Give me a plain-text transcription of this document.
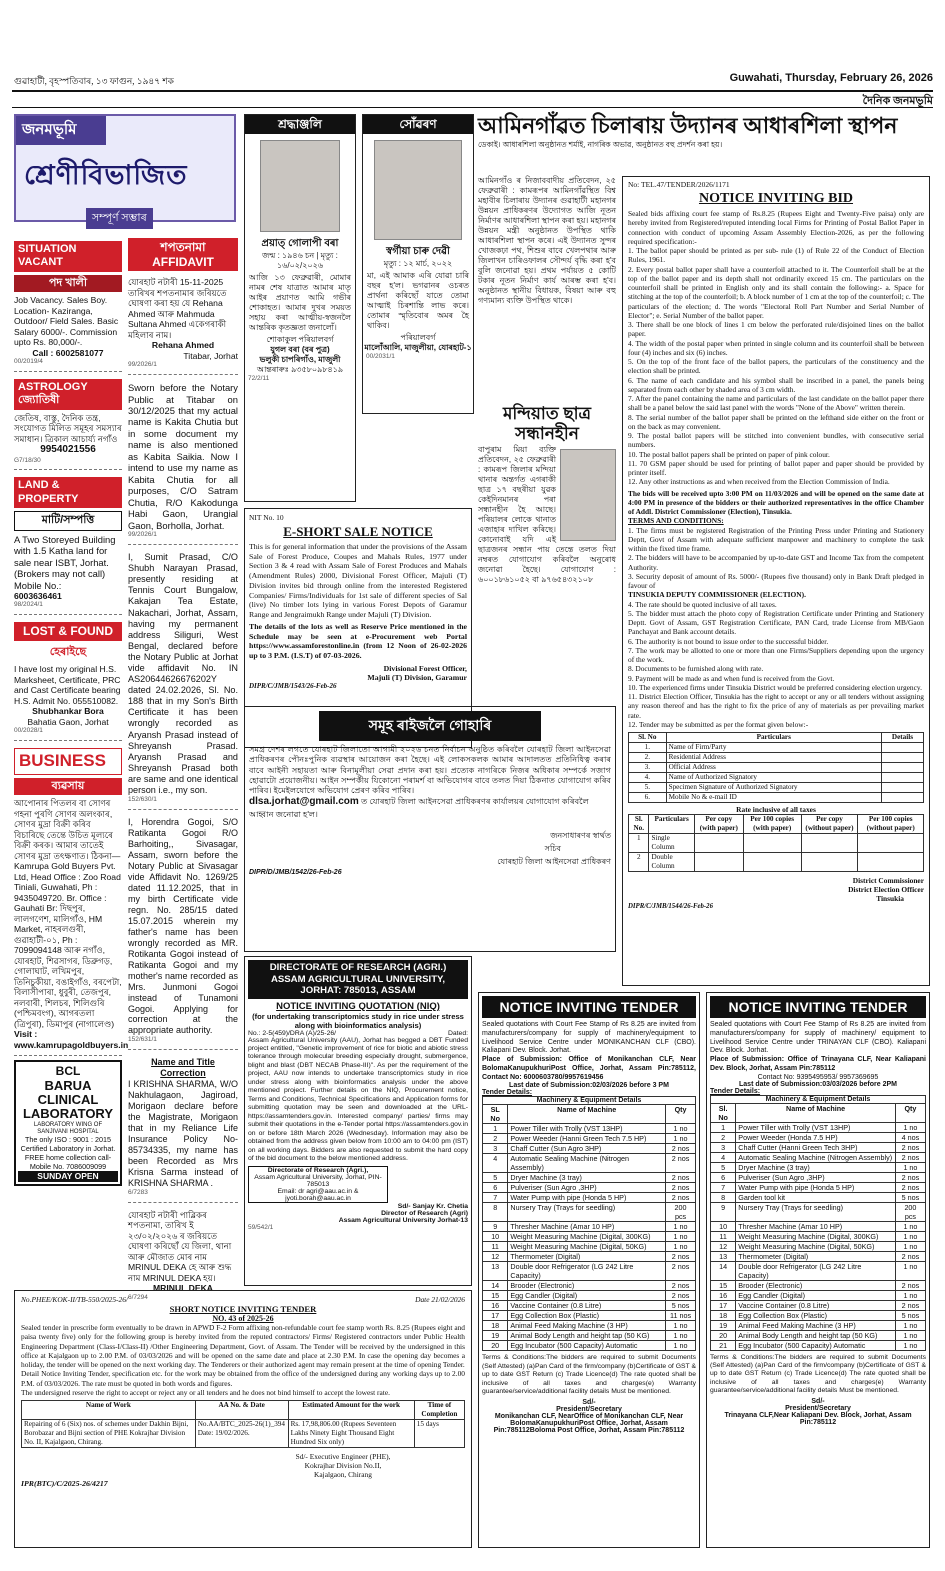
গুৱাহাটী, বৃহস্পতিবাৰ, ১৩ ফাগুন, ১৯৪৭ শক	Guwahati, Thursday, February 26, 2026
দৈনিক জনমভূমি
জনমভূমি
শ্ৰেণীবিভাজিত
সম্পূৰ্ণ সম্ভাৰ
SITUATION VACANT
পদ খালী
Job Vacancy. Sales Boy. Location- Kaziranga, Outdoor/ Field Sales. Basic Salary 6000/-. Commission upto Rs. 80,000/-.
Call : 6002581077
00/2019/4
ASTROLOGY জ্যোতিষী
জেতিষ, বাস্তু, দৈনিক তন্ত্ৰ, সংযোগত মিলিত সমূহৰ সমস্যাৰ সমাধান। ত্ৰিকাল আচাৰ্য্য নগাঁও
9954021556
G7/18/30
LAND & PROPERTY
মাটি/সম্পত্তি
A Two Storeyed Building with 1.5 Katha land for sale near ISBT, Jorhat. (Brokers may not call) Mobile No.:
6003636461
98/2024/1
LOST & FOUND
হেৰাইছে
I have lost my original H.S. Marksheet, Certificate, PRC and Cast Certificate bearing H.S. Admit No. 055510082.
Shubhankar Bora
Bahatia Gaon, Jorhat
00/2028/1
BUSINESS
ব্যৱসায়
আপোনাৰ পিতলৰ বা সোণৰ গহনা পুৰণি সোণৰ অলংকাৰ, সোণৰ মুদ্ৰা বিক্ৰী কৰিব বিচাৰিছে তেন্তে উচিত মূল্যৰে বিক্ৰী কৰক। আমাৰ তাতেই সোণৰ মুদ্ৰা তৎক্ষণাত। ঠিকনা— Kamrupa Gold Buyers Pvt. Ltd, Head Office : Zoo Road Tiniali, Guwahati, Ph : 9435049720. Br. Office : Gauhati Br: দিছপুৰ, লালগণেশ, মালিগাঁও, HM Market, নাহৰলগুৰী, গুৱাহাটী-০১, Ph : 7099094148 আৰু নগাঁও, যোৰহাট, শিৱসাগৰ, ডিব্ৰুগড়, গোলাঘাট, লখিমপুৰ, তিনিচুকীয়া, বঙাইগাঁও, বৰপেটা, বিলাসীপাৰা, ধুবুৰী, তেজপুৰ, নলবাৰী, শিলচৰ, শিলিগুৰি (পশ্চিমবংগ), আগৰতলা (ত্ৰিপুৰা), ডিমাপুৰ (নাগালেণ্ড)
Visit : www.kamrupagoldbuyers.in
BCL
BARUA CLINICAL LABORATORY
LABORATORY WING OF SANJIVANI HOSPITAL
The only ISO : 9001 : 2015 Certified Laboratory in Jorhat. FREE home collection call- Mobile No. 7086009099
SUNDAY OPEN
শপতনামা AFFIDAVIT
যোৰহাট নটাৰী 15-11-2025 তাৰিখৰ শপতনামাৰ জৰিয়তে ঘোষণা কৰা হয় যে Rehana Ahmed আৰু Mahmuda Sultana Ahmed একেগৰাকী মহিলাৰ নাম।
Rehana Ahmed
Titabar, Jorhat
99/2026/1
Sworn before the Notary Public at Titabar on 30/12/2025 that my actual name is Kakita Chutia but in some document my name is also mentioned as Kabita Saikia. Now I intend to use my name as Kabita Chutia for all purposes, C/O Satram Chutia, R/O Kakodunga Habi Gaon, Urangial Gaon, Borholla, Jorhat.
99/2026/1
I, Sumit Prasad, C/O Shubh Narayan Prasad, presently residing at Tennis Court Bungalow, Kakajan Tea Estate, Nakachari, Jorhat, Assam, having my permanent address Siliguri, West Bengal, declared before the Notary Public at Jorhat vide affidavit No. IN AS20644626676202Y dated 24.02.2026, Sl. No. 188 that in my Son's Birth Certificate it has been wrongly recorded as Aryansh Prasad instead of Shreyansh Prasad. Aryansh Prasad and Shreyansh Prasad both are same and one identical person i.e., my son.
152/630/1
I, Horendra Gogoi, S/O Ratikanta Gogoi R/O Barhoiting,, Sivasagar, Assam, sworn before the Notary Public at Sivasagar vide Affidavit No. 1269/25 dated 11.12.2025, that in my birth Certificate vide regn. No. 285/15 dated 15.07.2015 wherein my father's name has been wrongly recorded as MR. Rotikanta Gogoi instead of Ratikanta Gogoi and my mother's name recorded as Mrs. Junmoni Gogoi instead of Tunamoni Gogoi. Applying for correction at the appropriate authority.
152/631/1
Name and Title Correction
I KRISHNA SHARMA, W/O Nakhulagaon, Jagiroad, Morigaon declare before the Magistrate, Morigaon that in my Reliance Life Insurance Policy No- 85734335, my name has been Recorded as Mrs Krisna Sarma instead of KRISHNA SHARMA .
6/7283
যোৰহাট নটাৰী পাব্লিকৰ শপতনামা, তাৰিখ ই ২৩/০২/২০২৬ ৰ জৰিয়তে ঘোষণা কৰিছোঁ যে জিলা, থানা আৰু মৌজাত মোৰ নাম MRINUL DEKA হে আৰু শুদ্ধ নাম MRINUL DEKA হয়।
MRINUL DEKA
6/7294
শ্ৰদ্ধাঞ্জলি
প্ৰয়াত্ গোলাপী বৰা
জন্ম : ১৯৪৬ চন | মৃত্যু : ১৬/০২/২০২৬
আজি ১৩ ফেব্ৰুৱাৰী, মোমাৰ নামৰ শেষ যাত্ৰাত আমাৰ মাতৃ আইৰ প্ৰয়াণত আমি গভীৰ শোকাহত। আমাৰ দুখৰ সময়ত সহায় কৰা আত্মীয়-স্বজনলৈ আন্তৰিক কৃতজ্ঞতা জনালোঁ।
শোকাকুল পৰিয়ালবৰ্গ
যুগল বৰা (বৰ পুত্ৰ)
ভলুকী চাপৰিগাঁও, মাজুলী
আন্তৰাৰুঃ ৯৩৫৮০৯৮৪১৯
72/2/11
সোঁৱৰণ
স্বৰ্গীয়া চাৰু দেৱী
মৃত্যু : ১২ মাৰ্চ, ২০২২
মা, এই আমাক এৰি যোৱা চাৰি বছৰ হ'ল। ভগৱানৰ ওচৰত প্ৰাৰ্থনা কৰিছোঁ যাতে তোমা আত্মাই চিৰশান্তি লাভ কৰে। তোমাৰ স্মৃতিবোৰ অমৰ হৈ থাকিব।
পৰিয়ালবৰ্গ
মালোঁআলি, মাজুলীয়া, যোৰহাট-১
00/2031/1
আমিনগাঁৱত চিলাৰায় উদ্যানৰ আধাৰশিলা স্থাপন
ডেকাই। আধাৰশিলা অনুষ্ঠানত শৰ্মাই, নাগৰিক অভাৱ, অনুষ্ঠানত বহু প্ৰদৰ্শন কৰা হয়।
আমিনগাঁও ৰ নিজাববাদীয় প্ৰতিবেদন, ২৫ ফেব্ৰুৱাৰী : কামৰূপৰ আমিনগাঁৱস্থিত বিশ্ব মহাবীৰ চিলাৰায় উদ্যানৰ গুৱাহাটী মহানগৰ উন্নয়ন প্ৰাধিকৰণৰ উদ্যোগত আজি নূতন নিৰ্মাণৰ আধাৰশিলা স্থাপন কৰা হয়। মহানগৰ উন্নয়ন মন্ত্ৰী অনুষ্ঠানত উপস্থিত থাকি আধাৰশিলা স্থাপন কৰে। এই উদ্যানত সুন্দৰ খোজকঢ়া পথ, শিশুৰ বাবে খেলপথাৰ আৰু জিলাখন চাৰিওফালৰ সৌন্দৰ্য বৃদ্ধি কৰা হ'ব বুলি জনোৱা হয়। প্ৰথম পৰ্যায়ত ৫ কোটি টকাৰ নূতন নিৰ্মাণ কাৰ্য আৰম্ভ কৰা হ'ব। অনুষ্ঠানত স্থানীয় বিধায়ক, বিষয়া আৰু বহু গণ্যমান্য ব্যক্তি উপস্থিত থাকে।
মন্দিয়াত ছাত্ৰ সন্ধানহীন
বাপুৰাম মিয়া ব্যক্তি প্ৰতিবেদন, ২৫ ফেব্ৰুৱাৰী : কামৰূপ জিলাৰ মন্দিয়া থানাৰ অন্তৰ্গত এগৰাকী ছাত্ৰ ১৭ বছৰীয়া যুৱক কেইদিনমানৰ পৰা সন্ধানহীন হৈ আছে। পৰিয়ালৰ লোকে থানাত এজাহাৰ দাখিল কৰিছে। কোনোবাই যদি এই ছাত্ৰজনৰ সন্ধান পায় তেন্তে তলত দিয়া নম্বৰত যোগাযোগ কৰিবলৈ অনুৰোধ জনোৱা হৈছে। যোগাযোগ : ৬০০১৮৬১০৫২ বা ৯৭৬৫৪৩২১০৮
NIT No. 10
E-SHORT SALE NOTICE
This is for general information that under the provisions of the Assam Sale of Forest Produce, Coupes and Mahals Rules, 1977 under Section 3 & 4 read with Assam Sale of Forest Produces and Mahals (Amendment Rules) 2000, Divisional Forest Officer, Majuli (T) Division invites bid through online from the interested Registered Companies/ Firms/Individuals for 1st sale of different species of Sal (live) No timber lots lying in various Forest Depots of Garamur Range and Jengraimukh Range under Majuli (T) Division.
The details of the lots as well as Reserve Price mentioned in the Schedule may be seen at e-Procurement web Portal https://www.assamforestonline.in (from 12 Noon of 26-02-2026 up to 3 P.M. (I.S.T) of 07-03-2026.
Divisional Forest Officer,
Majuli (T) Division, Garamur
DIPR/C/JMB/1543/26-Feb-26
সমূহ ৰাইজলৈ গোহাৰি
সমগ্ৰ দেশৰ লগতে যোৰহাট জিলাতো আগামী ২০২৬ চনত নিৰ্বাচন অনুষ্ঠিত কৰিবলৈ যোৰহাট জিলা আইনসেৱা প্ৰাধিকৰণৰ পৌনঃপুনিক ব্যৱস্থাৰ আয়োজন কৰা হৈছে। এই লোকসকলক আমাৰ আদালতত প্ৰতিনিধিত্ব কৰাৰ বাবে আইনী সহায়তা আৰু বিনামূলীয়া সেৱা প্ৰদান কৰা হয়। প্ৰত্যেক নাগৰিকে নিজৰ অধিকাৰ সম্পৰ্কে সজাগ হোৱাটো প্ৰয়োজনীয়। আইন সম্পৰ্কীয় যিকোনো পৰামৰ্শ বা অভিযোগৰ বাবে তলত দিয়া ঠিকনাত যোগাযোগ কৰিব পাৰিব। ইমেইলযোগে অভিযোগ প্ৰেৰণ কৰিব পাৰিব।
dlsa.jorhat@gmail.com ত যোৰহাট জিলা আইনসেৱা প্ৰাধিকৰণৰ কাৰ্যালয়ৰ যোগাযোগ কৰিবলৈ আহ্বান জনোৱা হ'ল।
জনসাধাৰণৰ স্বাৰ্থত
সচিব
যোৰহাট জিলা আইনসেৱা প্ৰাধিকৰণ
DIPR/D/JMB/1542/26-Feb-26
No: TEL.47/TENDER/2026/1171
NOTICE INVITING BID
Sealed bids affixing court fee stamp of Rs.8.25 (Rupees Eight and Twenty-Five paisa) only are hereby invited from Registered/reputed intending local Firms for Printing of Postal Ballot Paper in connection with conduct of upcoming Assam Assembly Election-2026, as per the following required specification:-
1. The ballot paper should be printed as per sub- rule (1) of Rule 22 of the Conduct of Election Rules, 1961.
2. Every postal ballot paper shall have a counterfoil attached to it. The Counterfoil shall be at the top of the ballot paper and its depth shall not ordinarily exceed 15 cm. The particulars on the counterfoil shall be printed in English only and its shall contain the following:- a. Space for stitching at the top of the counterfoil; b. A block number of 1 cm at the top of the counterfoil; c. The particulars of the election; d. The words "Electoral Roll Part Number and Serial Number of Elector"; e. Serial Number of the ballot paper.
3. There shall be one block of lines 1 cm below the perforated rule/disjoined lines on the ballot paper.
4. The width of the postal paper when printed in single column and its counterfoil shall be between four (4) inches and six (6) inches.
5. On the top of the front face of the ballot papers, the particulars of the constituency and the election shall be printed.
6. The name of each candidate and his symbol shall be inscribed in a panel, the panels being separated from each other by shaded area of 3 cm width.
7. After the panel containing the name and particulars of the last candidate on the ballot paper there shall be a panel below the said last panel with the words "None of the Above" written therein.
8. The serial number of the ballot paper shall be printed on the lefthand side either on the front or on the back as may convenient.
9. The postal ballot papers will be stitched into convenient bundles, with consecutive serial numbers.
10. The postal ballot papers shall be printed on paper of pink colour.
11. 70 GSM paper should be used for printing of ballot paper and paper should be provided by printer itself.
12. Any other instructions as and when received from the Election Commission of India.
The bids will be received upto 3:00 PM on 11/03/2026 and will be opened on the same date at 4:00 PM in presence of the bidders or their authorized representatives in the office Chamber of Addl. District Commissioner (Election), Tinsukia.
TERMS AND CONDITIONS:
1. The firms must be registered Registration of the Printing Press under Printing and Stationery Deptt, Govt of Assam with adequate sufficient manpower and machinery to complete the task within the fixed time frame.
2. The bidders will have to be accompanied by up-to-date GST and Income Tax from the competent Authority.
3. Security deposit of amount of Rs. 5000/- (Rupees five thousand) only in Bank Draft pledged in favour of
TINSUKIA DEPUTY COMMISSIONER (ELECTION).
4. The rate should be quoted inclusive of all taxes.
5. The bidder must attach the photo copy of Registration Certificate under Printing and Stationery Deptt. Govt of Assam, GST Registration Certificate, PAN Card, trade License from MB/Gaon Panchayat and Bank account details.
6. The authority is not bound to issue order to the successful bidder.
7. The work may be allotted to one or more than one Firms/Suppliers depending upon the urgency of the work.
8. Documents to be furnished along with rate.
9. Payment will be made as and when fund is received from the Govt.
10. The experienced firms under Tinsukia District would be preferred considering election urgency.
11. District Election Officer, Tinsukia has the right to accept or any or all tenders without assigning any reason thereof and has the right to fix the price of any of materials as per prevailing market rate.
12. Tender may be submitted as per the format given below:-
Sl. No	Particulars	Details
1.	Name of Firm/Party	
2.	Residential Address	
3.	Official Address	
4.	Name of Authorized Signatory	
5.	Specimen Signature of Authorized Signatory	
6.	Mobile No & e-mail ID	
Rate inclusive of all taxes
Sl. No.	Particulars	Per copy (with paper)	Per 100 copies (with paper)	Per copy (without paper)	Per 100 copies (without paper)
1	Single Column				
2	Double Column				
District Commissioner
District Election Officer
Tinsukia
DIPR/C/JMB/1544/26-Feb-26
DIRECTORATE OF RESEARCH (AGRI.)
ASSAM AGRICULTURAL UNIVERSITY,
JORHAT: 785013, ASSAM
NOTICE INVITING QUOTATION (NIQ)
(for undertaking transcriptomics study in rice under stress along with bioinformatics analysis)
No.: 2-5(459)/DRA (A)/25-26/	Dated:
Assam Agricultural University (AAU), Jorhat has begged a DBT Funded project entitled, "Genetic improvement of rice for biotic and abiotic stress tolerance through molecular breeding especially drought, submergence, blight and blast (DBT NECAB Phase-III)". As per the requirement of the project, AAU now intends to undertake transcriptomics study in rice under stress along with bioinformatics analysis under the above mentioned project. Further details on the NIQ, Procurement notice, Terms and Conditions, Technical Specifications and Application forms for submitting quotation may be seen and downloaded at the URL- https://assamtenders.gov.in. Interested company/ parties/ firms may submit their quotations in the e-Tender portal https://assamtenders.gov.in on or before 18th March 2026 (Wednesday). Information may also be obtained from the address given below from 10:00 am to 04:00 pm (IST) on all working days. Bidders are also requested to submit the hard copy of the bid document to the below mentioned address.
Directorate of Research (Agri.),
Assam Agricultural University, Jorhat, PIN-785013
Email: dr agri@aau.ac.in & jyoti.borah@aau.ac.in
Sd/- Sanjay Kr. Chetia
Director of Research (Agri)
Assam Agricultural University Jorhat-13
59/542/1
No.PHEE/KOK-II/TB-550/2025-26/	Date 21/02/2026
SHORT NOTICE INVITING TENDER
NO. 43 of 2025-26
Sealed tender in prescribe form eventually to be drawn in APWD F-2 Form affixing non-refundable court fee stamp worth Rs. 8.25 (Rupees eight and paisa twenty five) only for the following group is hereby invited from the reputed contractors/ Firms/ Registered contractors under Public Health Engineering Department (Class-I/Class-II) /Other Engineering Department, Govt. of Assam. The Tender will be received by the undersigned in this office at Kajalgaon up to 2.00 P.M. of 03/03/2026 and will be opened on the same date and place at 2.30 P.M. In case the opening day becomes a holiday, the tender will be opened on the next working day. The Tenderers or their authorized agent may remain present at the time of opening Tender.
Detail Notice Inviting Tender, specification etc. for the work may be obtained from the office of the undersigned during any working days up to 2.00 P.M. of 03/03/2026. The rate must be quoted in both words and figures.
The undersigned reserve the right to accept or reject any or all tenders and he does not bind himself to accept the lowest rate.
Name of Work	AA No. & Date	Estimated Amount for the work	Time of Completion
Repairing of 6 (Six) nos. of schemes under Dakhin Bijni, Borobazar and Bijni section of PHE Kokrajhar Division No. II, Kajalgaon, Chirang.	No.AA/BTC_2025-26(1)_394 Date: 19/02/2026.	Rs. 17,98,806.00 (Rupees Seventeen Lakhs Ninety Eight Thousand Eight Hundred Six only)	15 days
Sd/- Executive Engineer (PHE),
Kokrajhar Division No.II,
Kajalgaon, Chirang
IPR(BTC)/C/2025-26/4217
NOTICE INVITING TENDER
Sealed quotations with Court Fee Stamp of Rs 8.25 are invited from manufacturers/company for supply of machinery/equipment to Livelihood Service Centre under MONIKANCHAN CLF (CBO). Kaliapani Dev. Block. Jorhat.
Place of Submission: Office of Monikanchan CLF, Near BolomaKanupukhuriPost Office, Jorhat, Assam Pin:785112, Contact No: 6000603780/9957619456
Last date of Submission:02/03/2026 before 3 PM
Tender Details:
Machinery & Equipment Details
SL No	Name of Machine	Qty
1	Power Tiller with Trolly (VST 13HP)	1 no
2	Power Weeder (Hanni Green Tech 7.5 HP)	1 no
3	Chaff Cutter (Sun Agro 3HP)	2 nos
4	Automatic Sealing Machine (Nitrogen Assembly)	2 nos
5	Dryer Machine (3 tray)	2 nos
6	Pulveriser (Sun Agro ,3HP)	2 nos
7	Water Pump with pipe (Honda 5 HP)	2 nos
8	Nursery Tray (Trays for seedling)	200 pcs
9	Thresher Machine (Amar 10 HP)	1 no
10	Weight Measuring Machine (Digital, 300KG)	1 no
11	Weight Measuring Machine (Digital, 50KG)	1 no
12	Thermometer (Digital)	2 nos
13	Double door Refrigerator (LG 242 Litre Capacity)	2 nos
14	Brooder (Electronic)	2 nos
15	Egg Candler (Digital)	2 nos
16	Vaccine Container (0.8 Litre)	5 nos
17	Egg Collection Box (Plastic)	11 nos
18	Animal Feed Making Machine (3 HP)	1 no
19	Animal Body Length and height tap (50 KG)	1 no
20	Egg Incubator (500 Capacity) Automatic	1 no
Terms & Conditions:The bidders are required to submit Documents (Self Attested) (a)Pan Card of the firm/company (b)Certificate of GST & up to date GST Return (c) Trade Licence(d) The rate quoted shall be inclusive of all taxes and charges(e) Warranty guarantee/service/additional facility details Must be mentioned.
Sd/-
President/Secretary
Monikanchan CLF, NearOffice of Monikanchan CLF, Near BolomaKanupukhuriPost Office, Jorhat, Assam Pin:785112Boloma Post Office, Jorhat, Assam Pin:785112
NOTICE INVITING TENDER
Sealed quotations with Court Fee Stamp of Rs 8.25 are invited from manufacturers/company for supply of machinery/ equipment to Livelihood Service Centre under TRINAYAN CLF (CBO). Kaliapani Dev. Block. Jorhat.
Place of Submission: Office of Trinayana CLF, Near Kaliapani Dev. Block, Jorhat, Assam Pin:785112
Contact No: 9395495953/ 9957369695
Last date of Submission:03/03/2026 before 2PM
Tender Details:
Machinery & Equipment Details
Sl. No	Name of Machine	Qty
1	Power Tiller with Trolly (VST 13HP)	1 no
2	Power Weeder (Honda 7.5 HP)	4 nos
3	Chaff Cutter (Hanni Green Tech 3HP)	2 nos
4	Automatic Sealing Machine (Nitrogen Assembly)	2 nos
5	Dryer Machine (3 tray)	1 no
6	Pulveriser (Sun Agro ,3HP)	2 nos
7	Water Pump with pipe (Honda 5 HP)	2 nos
8	Garden tool kit	5 nos
9	Nursery Tray (Trays for seedling)	200 pcs
10	Thresher Machine (Amar 10 HP)	1 no
11	Weight Measuring Machine (Digital, 300KG)	1 no
12	Weight Measuring Machine (Digital, 50KG)	1 no
13	Thermometer (Digital)	2 nos
14	Double door Refrigerator (LG 242 Litre Capacity)	1 no
15	Brooder (Electronic)	2 nos
16	Egg Candler (Digital)	1 no
17	Vaccine Container (0.8 Litre)	2 nos
18	Egg Collection Box (Plastic)	5 nos
19	Animal Feed Making Machine (3 HP)	1 no
20	Animal Body Length and height tap (50 KG)	1 no
21	Egg Incubator (500 Capacity) Automatic	1 no
Terms & Conditions:The bidders are required to submit Documents (Self Attested) (a)Pan Card of the firm/company (b)Certificate of GST & up to date GST Return (c) Trade Licence(d) The rate quoted shall be inclusive of all taxes and charges(e) Warranty guarantee/service/additional facility details Must be mentioned.
Sd/-
President/Secretary
Trinayana CLF,Near Kaliapani Dev. Block, Jorhat, Assam Pin:785112
